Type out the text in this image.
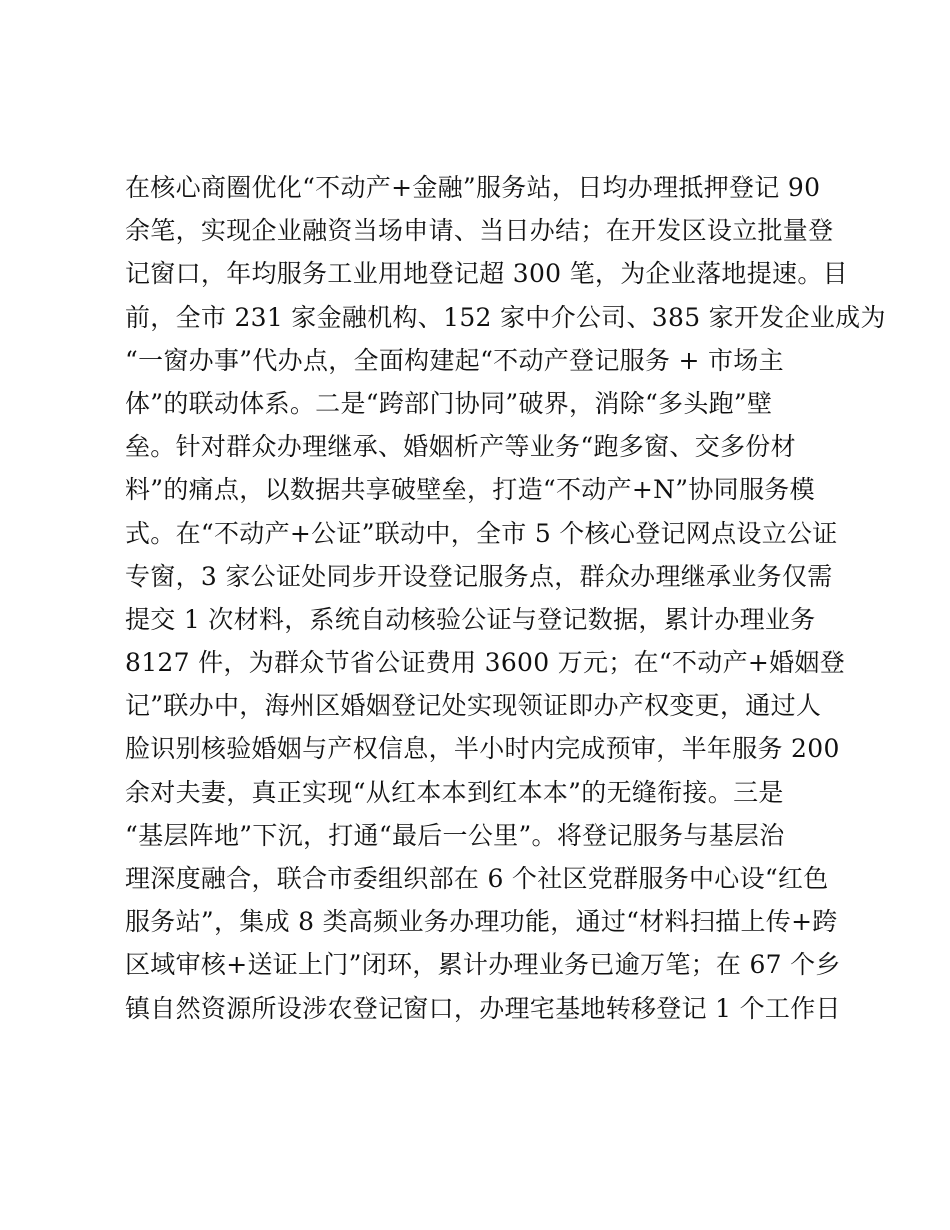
在核心商圈优化“不动产+金融”服务站，日均办理抵押登记 90
余笔，实现企业融资当场申请、当日办结；在开发区设立批量登
记窗口，年均服务工业用地登记超 300 笔，为企业落地提速。目
前，全市 231 家金融机构、152 家中介公司、385 家开发企业成为
“一窗办事”代办点，全面构建起“不动产登记服务 + 市场主
体”的联动体系。二是“跨部门协同”破界，消除“多头跑”壁
垒。针对群众办理继承、婚姻析产等业务“跑多窗、交多份材
料”的痛点，以数据共享破壁垒，打造“不动产+N”协同服务模
式。在“不动产+公证”联动中，全市 5 个核心登记网点设立公证
专窗，3 家公证处同步开设登记服务点，群众办理继承业务仅需
提交 1 次材料，系统自动核验公证与登记数据，累计办理业务
8127 件，为群众节省公证费用 3600 万元；在“不动产+婚姻登
记”联办中，海州区婚姻登记处实现领证即办产权变更，通过人
脸识别核验婚姻与产权信息，半小时内完成预审，半年服务 200
余对夫妻，真正实现“从红本本到红本本”的无缝衔接。三是
“基层阵地”下沉，打通“最后一公里”。将登记服务与基层治
理深度融合，联合市委组织部在 6 个社区党群服务中心设“红色
服务站”，集成 8 类高频业务办理功能，通过“材料扫描上传+跨
区域审核+送证上门”闭环，累计办理业务已逾万笔；在 67 个乡
镇自然资源所设涉农登记窗口，办理宅基地转移登记 1 个工作日
